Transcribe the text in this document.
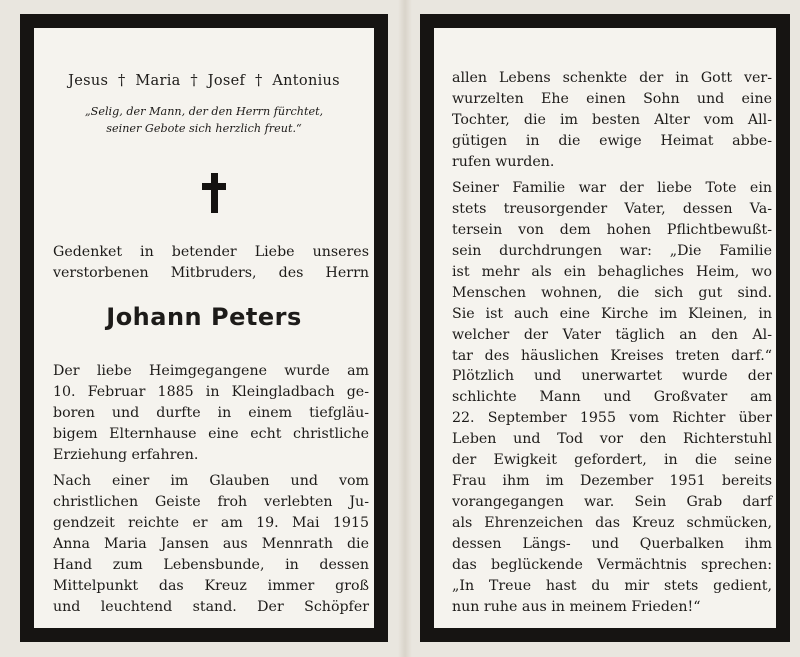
Jesus  †  Maria  †  Josef  †  Antonius
„Selig, der Mann, der den Herrn fürchtet,
seiner Gebote sich herzlich freut.“
Gedenket in betender Liebe unseres
verstorbenen Mitbruders, des Herrn
Johann Peters
Der liebe Heimgegangene wurde am
10. Februar 1885 in Kleingladbach ge-
boren und durfte in einem tiefgläu-
bigem Elternhause eine echt christliche
Erziehung erfahren.
Nach einer im Glauben und vom
christlichen Geiste froh verlebten Ju-
gendzeit reichte er am 19. Mai 1915
Anna Maria Jansen aus Mennrath die
Hand zum Lebensbunde, in dessen
Mittelpunkt das Kreuz immer groß
und leuchtend stand. Der Schöpfer
allen Lebens schenkte der in Gott ver-
wurzelten Ehe einen Sohn und eine
Tochter, die im besten Alter vom All-
gütigen in die ewige Heimat abbe-
rufen wurden.
Seiner Familie war der liebe Tote ein
stets treusorgender Vater, dessen Va-
tersein von dem hohen Pflichtbewußt-
sein durchdrungen war: „Die Familie
ist mehr als ein behagliches Heim, wo
Menschen wohnen, die sich gut sind.
Sie ist auch eine Kirche im Kleinen, in
welcher der Vater täglich an den Al-
tar des häuslichen Kreises treten darf.“
Plötzlich und unerwartet wurde der
schlichte Mann und Großvater am
22. September 1955 vom Richter über
Leben und Tod vor den Richterstuhl
der Ewigkeit gefordert, in die seine
Frau ihm im Dezember 1951 bereits
vorangegangen war. Sein Grab darf
als Ehrenzeichen das Kreuz schmücken,
dessen Längs- und Querbalken ihm
das beglückende Vermächtnis sprechen:
„In Treue hast du mir stets gedient,
nun ruhe aus in meinem Frieden!“
